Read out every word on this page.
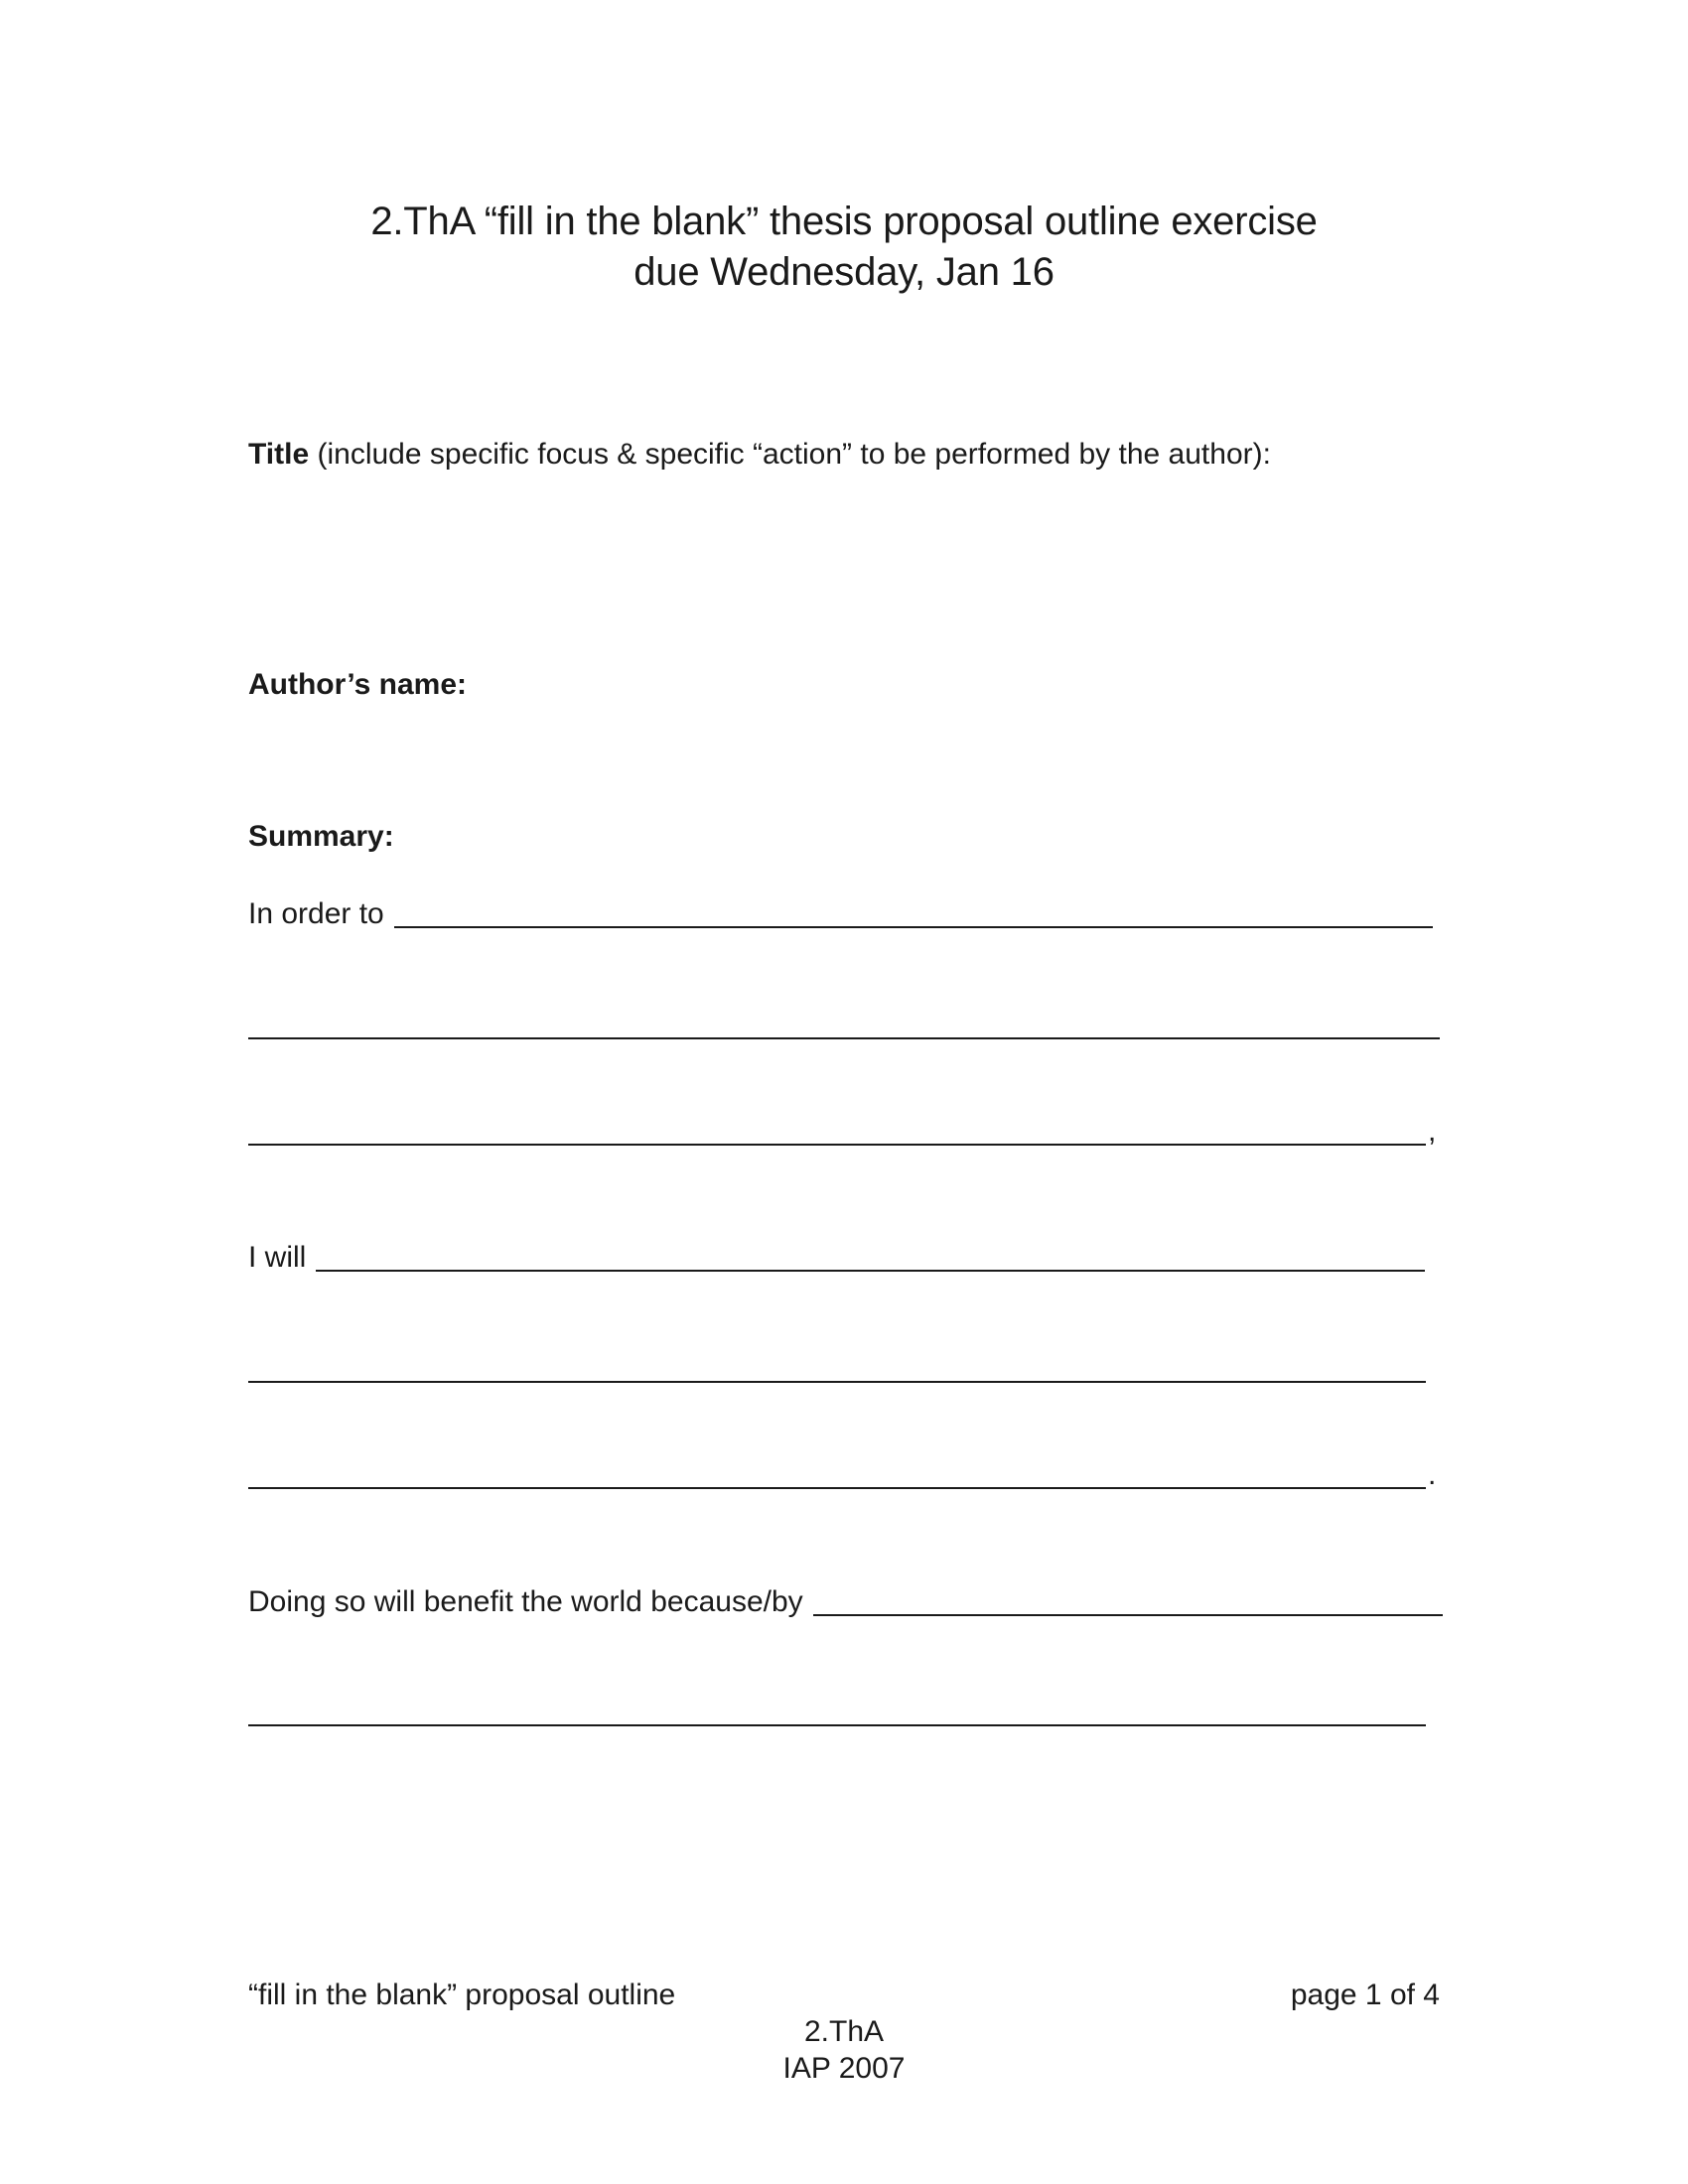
2.ThA “fill in the blank” thesis proposal outline exercise
due Wednesday, Jan 16
Title (include specific focus & specific “action” to be performed by the author):
Author’s name:
Summary:
In order to
,
I will
.
Doing so will benefit the world because/by
“fill in the blank” proposal outline	page 1 of 4
2.ThA
IAP 2007
